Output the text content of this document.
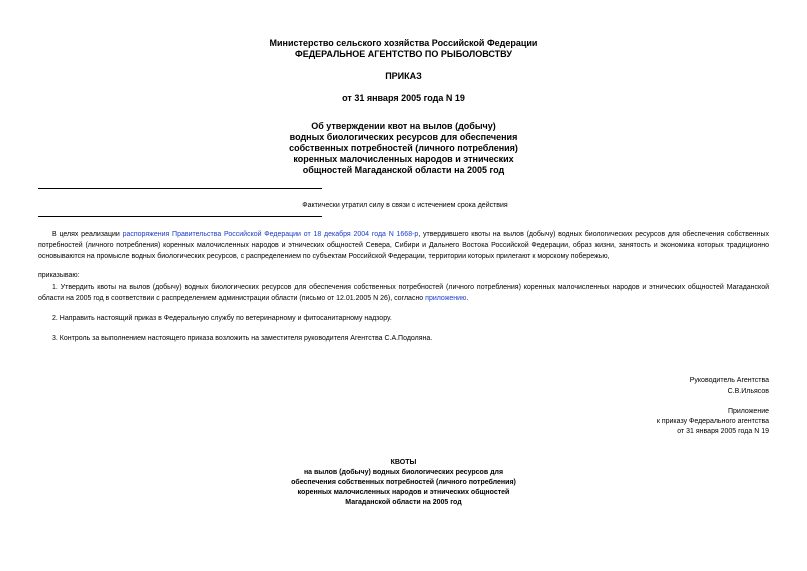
Министерство сельского хозяйства Российской Федерации
ФЕДЕРАЛЬНОЕ АГЕНТСТВО ПО РЫБОЛОВСТВУ
ПРИКАЗ
от 31 января 2005 года N 19
Об утверждении квот на вылов (добычу)
водных биологических ресурсов для обеспечения
собственных потребностей (личного потребления)
коренных малочисленных народов и этнических
общностей Магаданской области на 2005 год
Фактически утратил силу в связи с истечением срока действия
В целях реализации распоряжения Правительства Российской Федерации от 18 декабря 2004 года N 1668-р, утвердившего квоты на вылов (добычу) водных биологических ресурсов для обеспечения собственных потребностей (личного потребления) коренных малочисленных народов и этнических общностей Севера, Сибири и Дальнего Востока Российской Федерации, образ жизни, занятость и экономика которых традиционно основываются на промысле водных биологических ресурсов, с распределением по субъектам Российской Федерации, территории которых прилегают к морскому побережью,
приказываю:
1. Утвердить квоты на вылов (добычу) водных биологических ресурсов для обеспечения собственных потребностей (личного потребления) коренных малочисленных народов и этнических общностей Магаданской области на 2005 год в соответствии с распределением администрации области (письмо от 12.01.2005 N 26), согласно приложению.
2. Направить настоящий приказ в Федеральную службу по ветеринарному и фитосанитарному надзору.
3. Контроль за выполнением настоящего приказа возложить на заместителя руководителя Агентства С.А.Подоляна.
Руководитель Агентства
С.В.Ильясов
Приложение
к приказу Федерального агентства
от 31 января 2005 года N 19
КВОТЫ
на вылов (добычу) водных биологических ресурсов для
обеспечения собственных потребностей (личного потребления)
коренных малочисленных народов и этнических общностей
Магаданской области на 2005 год
